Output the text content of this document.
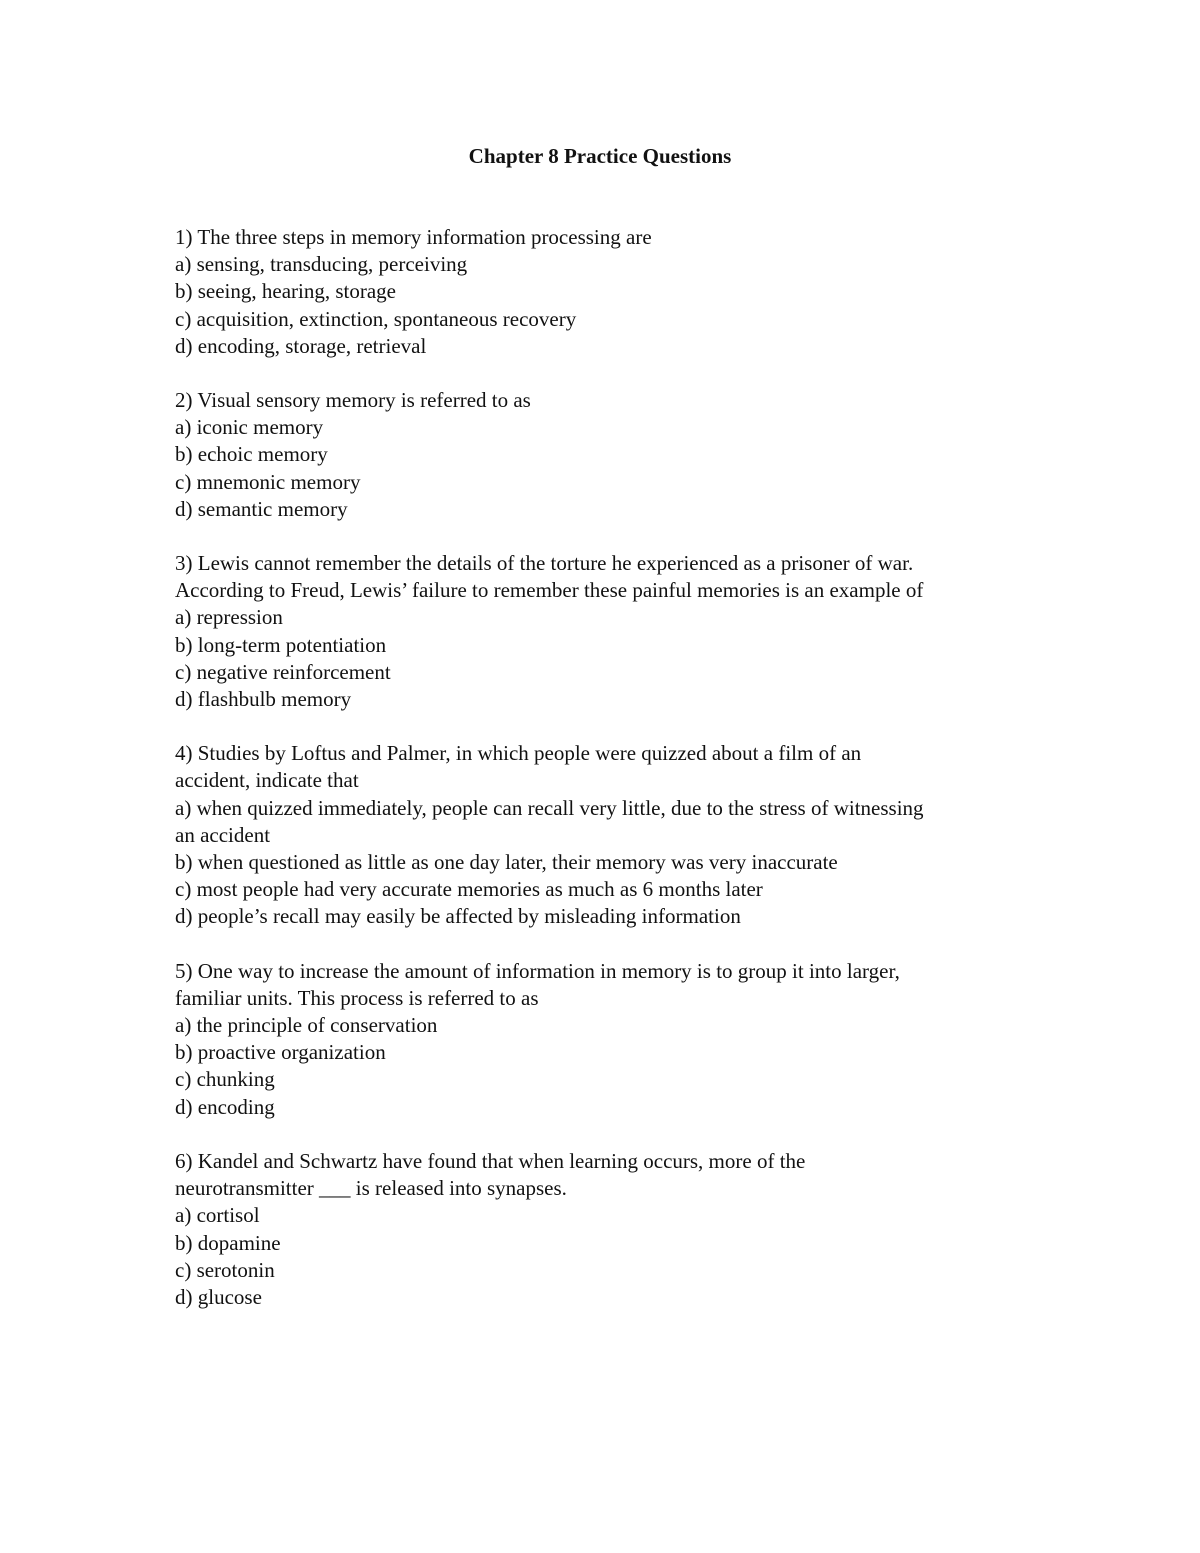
Chapter 8 Practice Questions
1) The three steps in memory information processing are
a) sensing, transducing, perceiving
b) seeing, hearing, storage
c) acquisition, extinction, spontaneous recovery
d) encoding, storage, retrieval
2) Visual sensory memory is referred to as
a) iconic memory
b) echoic memory
c) mnemonic memory
d) semantic memory
3) Lewis cannot remember the details of the torture he experienced as a prisoner of war.
According to Freud, Lewis’ failure to remember these painful memories is an example of
a) repression
b) long-term potentiation
c) negative reinforcement
d) flashbulb memory
4) Studies by Loftus and Palmer, in which people were quizzed about a film of an
accident, indicate that
a) when quizzed immediately, people can recall very little, due to the stress of witnessing
an accident
b) when questioned as little as one day later, their memory was very inaccurate
c) most people had very accurate memories as much as 6 months later
d) people’s recall may easily be affected by misleading information
5) One way to increase the amount of information in memory is to group it into larger,
familiar units. This process is referred to as
a) the principle of conservation
b) proactive organization
c) chunking
d) encoding
6) Kandel and Schwartz have found that when learning occurs, more of the
neurotransmitter ___ is released into synapses.
a) cortisol
b) dopamine
c) serotonin
d) glucose
